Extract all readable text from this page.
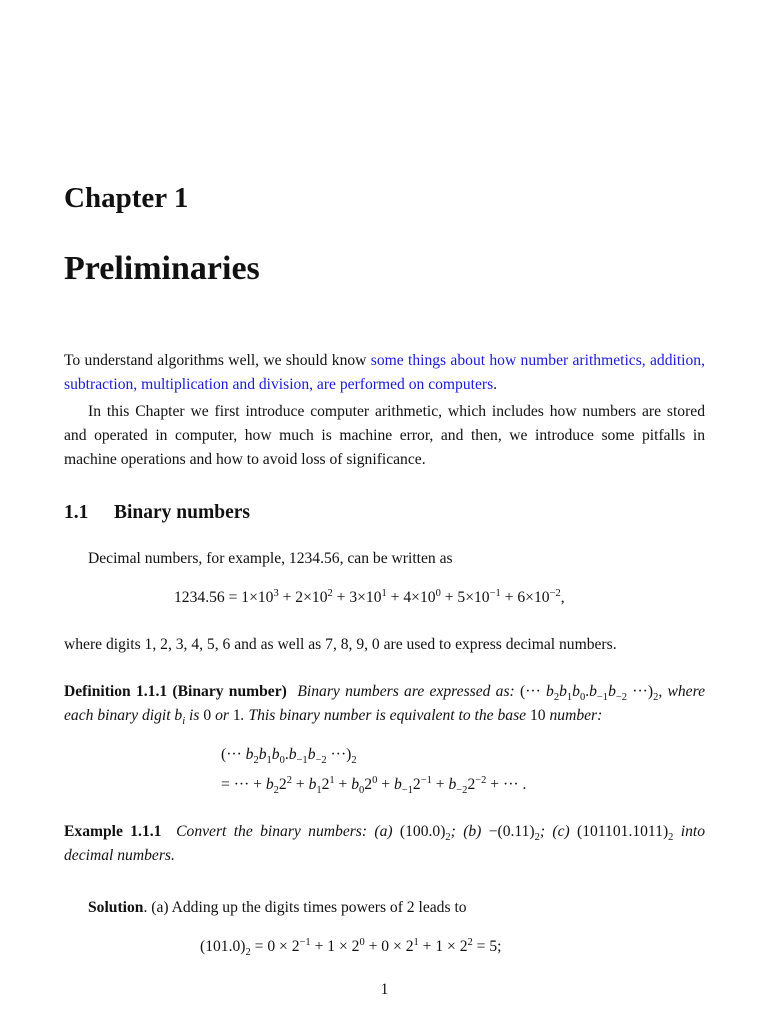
Chapter 1
Preliminaries

To understand algorithms well, we should know some things about how number arithmetics, addition, subtraction, multiplication and division, are performed on computers.

In this Chapter we first introduce computer arithmetic, which includes how numbers are stored and operated in computer, how much is machine error, and then, we introduce some pitfalls in machine operations and how to avoid loss of significance.

1.1 Binary numbers

Decimal numbers, for example, 1234.56, can be written as

$1234.56 = 1\times 10^3 + 2\times 10^2 + 3\times 10^1 + 4\times 10^0 + 5\times 10^{-1} + 6\times 10^{-2}$,

where digits 1, 2, 3, 4, 5, 6 and as well as 7, 8, 9, 0 are used to express decimal numbers.

Definition 1.1.1 (Binary number) Binary numbers are expressed as: (··· $b_2b_1b_0.b_{-1}b_{-2} \cdot\cdot\cdot)_2$, where each binary digit $b_i$ is 0 or 1. This binary number is equivalent to the base 10 number:

(··· $b_2b_1b_0.b_{-1}b_{-2} \cdot\cdot\cdot)_2$
= ··· + $b_22^2 + b_12^1 + b_02^0 + b_{-1}2^{-1} + b_{-2}2^{-2}$ + ··· .

Example 1.1.1 Convert the binary numbers: (a) $(100.0)_2$; $(b) -(0.11)_2$; (c) $(101101.1011)_2$ into decimal numbers.

Solution. (a) Adding up the digits times powers of 2 leads to

$(101.0)_2 = 0 \times 2^{-1} + 1 \times 2^0 + 0 \times 2^1 + 1 \times 2^2 = 5$;
1
